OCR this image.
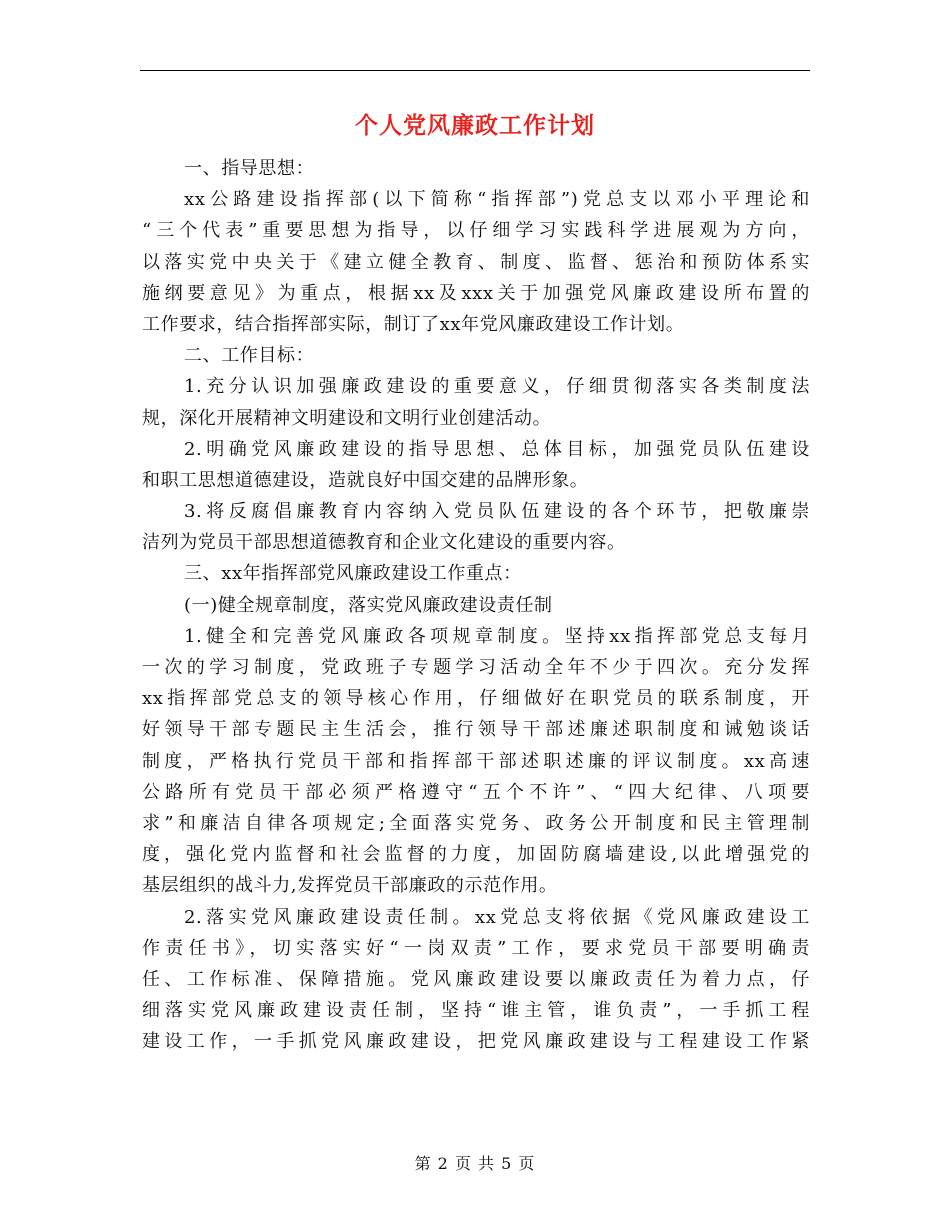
个人党风廉政工作计划
一、指导思想：
xx公路建设指挥部(以下简称“指挥部”)党总支以邓小平理论和
“三个代表”重要思想为指导，以仔细学习实践科学进展观为方向，
以落实党中央关于《建立健全教育、制度、监督、惩治和预防体系实
施纲要意见》为重点，根据xx及xxx关于加强党风廉政建设所布置的
工作要求，结合指挥部实际，制订了xx年党风廉政建设工作计划。
二、工作目标：
1.充分认识加强廉政建设的重要意义，仔细贯彻落实各类制度法
规，深化开展精神文明建设和文明行业创建活动。
2.明确党风廉政建设的指导思想、总体目标，加强党员队伍建设
和职工思想道德建设，造就良好中国交建的品牌形象。
3.将反腐倡廉教育内容纳入党员队伍建设的各个环节，把敬廉崇
洁列为党员干部思想道德教育和企业文化建设的重要内容。
三、xx年指挥部党风廉政建设工作重点：
(一)健全规章制度，落实党风廉政建设责任制
1.健全和完善党风廉政各项规章制度。坚持xx指挥部党总支每月
一次的学习制度，党政班子专题学习活动全年不少于四次。充分发挥
xx指挥部党总支的领导核心作用，仔细做好在职党员的联系制度，开
好领导干部专题民主生活会，推行领导干部述廉述职制度和诫勉谈话
制度，严格执行党员干部和指挥部干部述职述廉的评议制度。xx高速
公路所有党员干部必须严格遵守“五个不许”、“四大纪律、八项要
求”和廉洁自律各项规定;全面落实党务、政务公开制度和民主管理制
度，强化党内监督和社会监督的力度，加固防腐墙建设,以此增强党的
基层组织的战斗力,发挥党员干部廉政的示范作用。
2.落实党风廉政建设责任制。xx党总支将依据《党风廉政建设工
作责任书》，切实落实好“一岗双责”工作，要求党员干部要明确责
任、工作标准、保障措施。党风廉政建设要以廉政责任为着力点，仔
细落实党风廉政建设责任制，坚持“谁主管，谁负责”，一手抓工程
建设工作，一手抓党风廉政建设，把党风廉政建设与工程建设工作紧
第 2 页 共 5 页
